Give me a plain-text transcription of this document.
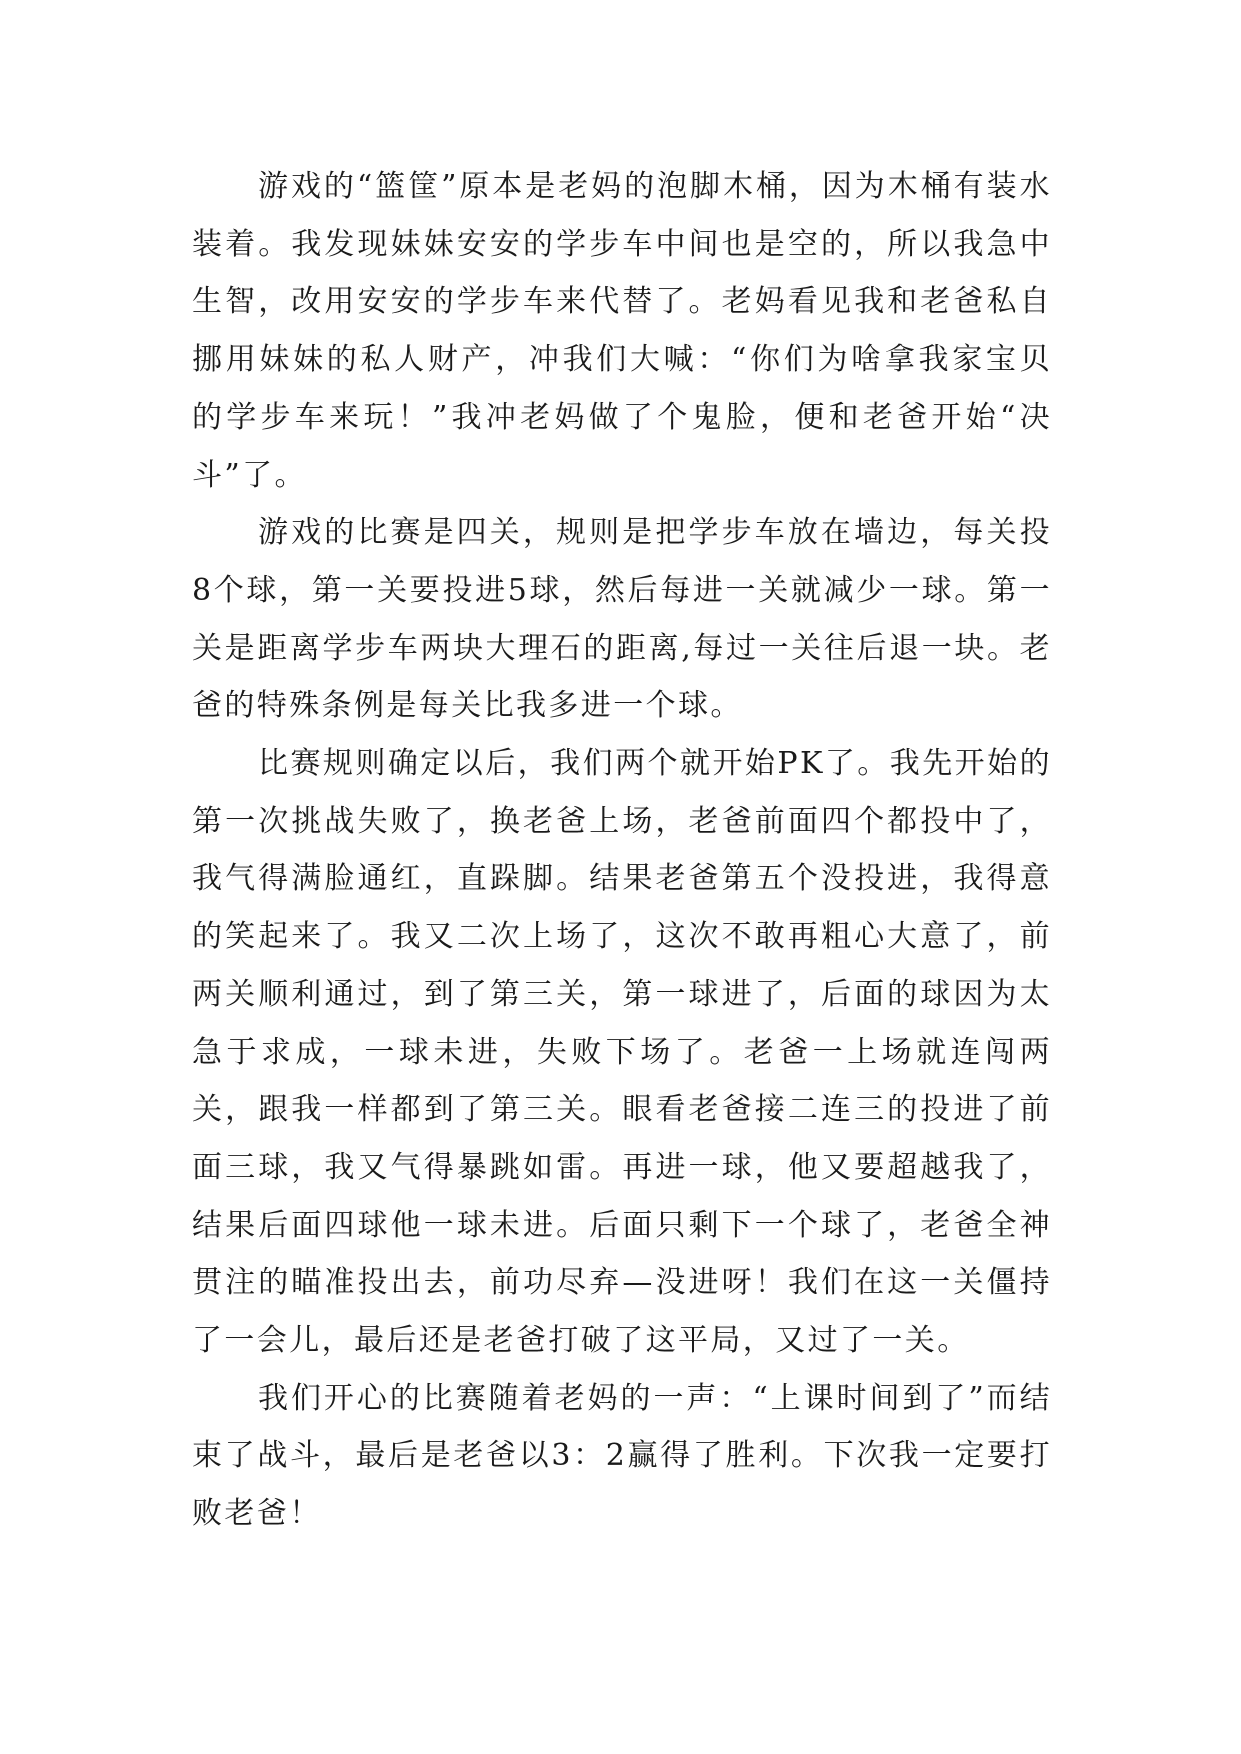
游戏的“篮筐”原本是老妈的泡脚木桶，因为木桶有装水装着。我发现妹妹安安的学步车中间也是空的，所以我急中生智，改用安安的学步车来代替了。老妈看见我和老爸私自挪用妹妹的私人财产，冲我们大喊：“你们为啥拿我家宝贝的学步车来玩！”我冲老妈做了个鬼脸，便和老爸开始“决斗”了。

游戏的比赛是四关，规则是把学步车放在墙边，每关投8个球，第一关要投进5球，然后每进一关就减少一球。第一关是距离学步车两块大理石的距离,每过一关往后退一块。老爸的特殊条例是每关比我多进一个球。

比赛规则确定以后，我们两个就开始PK了。我先开始的第一次挑战失败了，换老爸上场，老爸前面四个都投中了，我气得满脸通红，直跺脚。结果老爸第五个没投进，我得意的笑起来了。我又二次上场了，这次不敢再粗心大意了，前两关顺利通过，到了第三关，第一球进了，后面的球因为太急于求成，一球未进，失败下场了。老爸一上场就连闯两关，跟我一样都到了第三关。眼看老爸接二连三的投进了前面三球，我又气得暴跳如雷。再进一球，他又要超越我了，结果后面四球他一球未进。后面只剩下一个球了，老爸全神贯注的瞄准投出去，前功尽弃—没进呀！我们在这一关僵持了一会儿，最后还是老爸打破了这平局，又过了一关。

我们开心的比赛随着老妈的一声：“上课时间到了”而结束了战斗，最后是老爸以3：2赢得了胜利。下次我一定要打败老爸！
